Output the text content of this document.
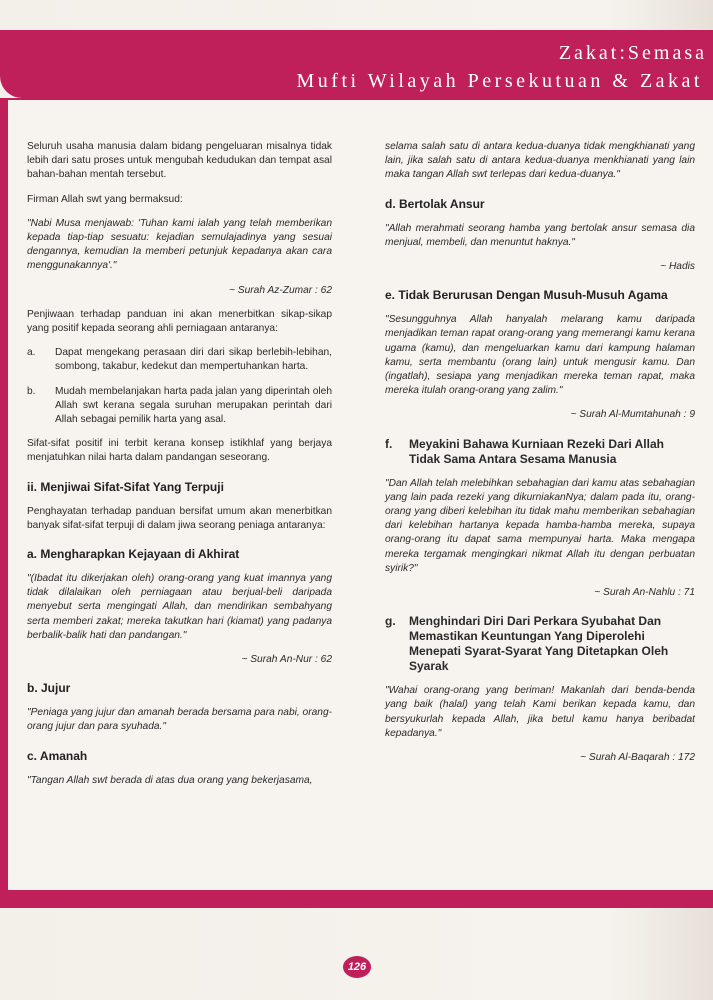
Zakat:Semasa
Mufti Wilayah Persekutuan & Zakat

Seluruh usaha manusia dalam bidang pengeluaran misalnya tidak lebih dari satu proses untuk mengubah kedudukan dan tempat asal bahan-bahan mentah tersebut.

Firman Allah swt yang bermaksud:

"Nabi Musa menjawab: 'Tuhan kami ialah yang telah memberikan kepada tiap-tiap sesuatu: kejadian semulajadinya yang sesuai dengannya, kemudian Ia memberi petunjuk kepadanya akan cara menggunakannya'."

~ Surah Az-Zumar : 62

Penjiwaan terhadap panduan ini akan menerbitkan sikap-sikap yang positif kepada seorang ahli perniagaan antaranya:

a.	Dapat mengekang perasaan diri dari sikap berlebih-lebihan, sombong, takabur, kedekut dan mempertuhankan harta.
b.	Mudah membelanjakan harta pada jalan yang diperintah oleh Allah swt kerana segala suruhan merupakan perintah dari Allah sebagai pemilik harta yang asal.

Sifat-sifat positif ini terbit kerana konsep istikhlaf yang berjaya menjatuhkan nilai harta dalam pandangan seseorang.

ii. Menjiwai Sifat-Sifat Yang Terpuji

Penghayatan terhadap panduan bersifat umum akan menerbitkan banyak sifat-sifat terpuji di dalam jiwa seorang peniaga antaranya:

a. Mengharapkan Kejayaan di Akhirat

"(Ibadat itu dikerjakan oleh) orang-orang yang kuat imannya yang tidak dilalaikan oleh perniagaan atau berjual-beli daripada menyebut serta mengingati Allah, dan mendirikan sembahyang serta memberi zakat; mereka takutkan hari (kiamat) yang padanya berbalik-balik hati dan pandangan."

~ Surah An-Nur : 62

b. Jujur

"Peniaga yang jujur dan amanah berada bersama para nabi, orang-orang jujur dan para syuhada."

c. Amanah

"Tangan Allah swt berada di atas dua orang yang bekerjasama,

selama salah satu di antara kedua-duanya tidak mengkhianati yang lain, jika salah satu di antara kedua-duanya menkhianati yang lain maka tangan Allah swt terlepas dari kedua-duanya."

d. Bertolak Ansur

"Allah merahmati seorang hamba yang bertolak ansur semasa dia menjual, membeli, dan menuntut haknya."

~ Hadis

e. Tidak Berurusan Dengan Musuh-Musuh Agama

"Sesungguhnya Allah hanyalah melarang kamu daripada menjadikan teman rapat orang-orang yang memerangi kamu kerana ugama (kamu), dan mengeluarkan kamu dari kampung halaman kamu, serta membantu (orang lain) untuk mengusir kamu. Dan (ingatlah), sesiapa yang menjadikan mereka teman rapat, maka mereka itulah orang-orang yang zalim."

~ Surah Al-Mumtahunah : 9

f.	Meyakini Bahawa Kurniaan Rezeki Dari Allah Tidak Sama Antara Sesama Manusia

"Dan Allah telah melebihkan sebahagian dari kamu atas sebahagian yang lain pada rezeki yang dikurniakanNya; dalam pada itu, orang-orang yang diberi kelebihan itu tidak mahu memberikan sebahagian dari kelebihan hartanya kepada hamba-hamba mereka, supaya orang-orang itu dapat sama mempunyai harta. Maka mengapa mereka tergamak mengingkari nikmat Allah itu dengan perbuatan syirik?"

~ Surah An-Nahlu : 71

g.	Menghindari Diri Dari Perkara Syubahat Dan Memastikan Keuntungan Yang Diperolehi Menepati Syarat-Syarat Yang Ditetapkan Oleh Syarak

"Wahai orang-orang yang beriman! Makanlah dari benda-benda yang baik (halal) yang telah Kami berikan kepada kamu, dan bersyukurlah kepada Allah, jika betul kamu hanya beribadat kepadanya."

~ Surah Al-Baqarah : 172

126
